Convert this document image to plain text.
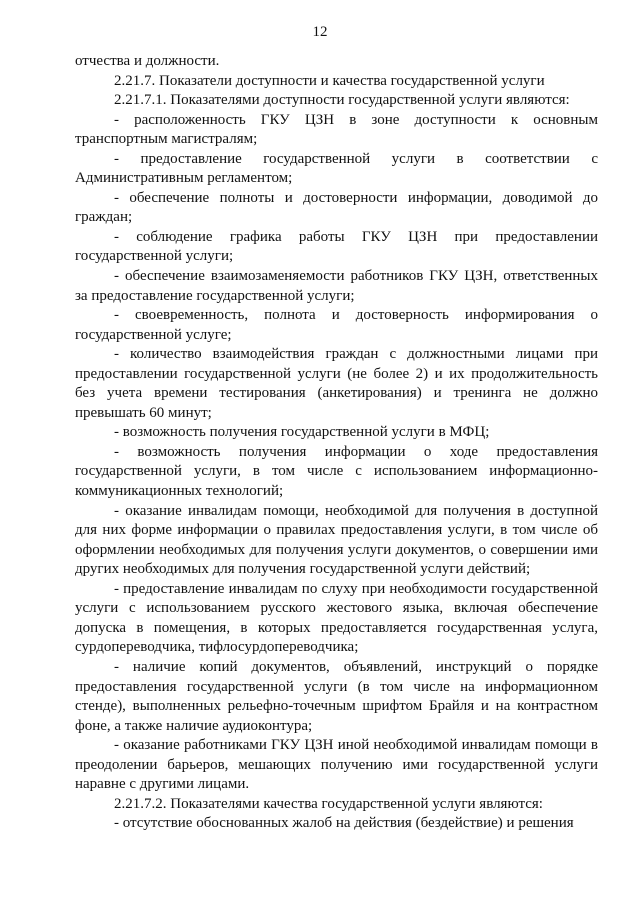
12

отчества и должности.

2.21.7. Показатели доступности и качества государственной услуги

2.21.7.1. Показателями доступности государственной услуги являются:

- расположенность ГКУ ЦЗН в зоне доступности к основным транспортным магистралям;

- предоставление государственной услуги в соответствии с Административным регламентом;

- обеспечение полноты и достоверности информации, доводимой до граждан;

- соблюдение графика работы ГКУ ЦЗН при предоставлении государственной услуги;

- обеспечение взаимозаменяемости работников ГКУ ЦЗН, ответственных за предоставление государственной услуги;

- своевременность, полнота и достоверность информирования о государственной услуге;

- количество взаимодействия граждан с должностными лицами при предоставлении государственной услуги (не более 2) и их продолжительность без учета времени тестирования (анкетирования) и тренинга не должно превышать 60 минут;

- возможность получения государственной услуги в МФЦ;

- возможность получения информации о ходе предоставления государственной услуги, в том числе с использованием информационно-коммуникационных технологий;

- оказание инвалидам помощи, необходимой для получения в доступной для них форме информации о правилах предоставления услуги, в том числе об оформлении необходимых для получения услуги документов, о совершении ими других необходимых для получения государственной услуги действий;

- предоставление инвалидам по слуху при необходимости государственной услуги с использованием русского жестового языка, включая обеспечение допуска в помещения, в которых предоставляется государственная услуга, сурдопереводчика, тифлосурдопереводчика;

- наличие копий документов, объявлений, инструкций о порядке предоставления государственной услуги (в том числе на информационном стенде), выполненных рельефно-точечным шрифтом Брайля и на контрастном фоне, а также наличие аудиоконтура;

- оказание работниками ГКУ ЦЗН иной необходимой инвалидам помощи в преодолении барьеров, мешающих получению ими государственной услуги наравне с другими лицами.

2.21.7.2. Показателями качества государственной услуги являются:

- отсутствие обоснованных жалоб на действия (бездействие) и решения
